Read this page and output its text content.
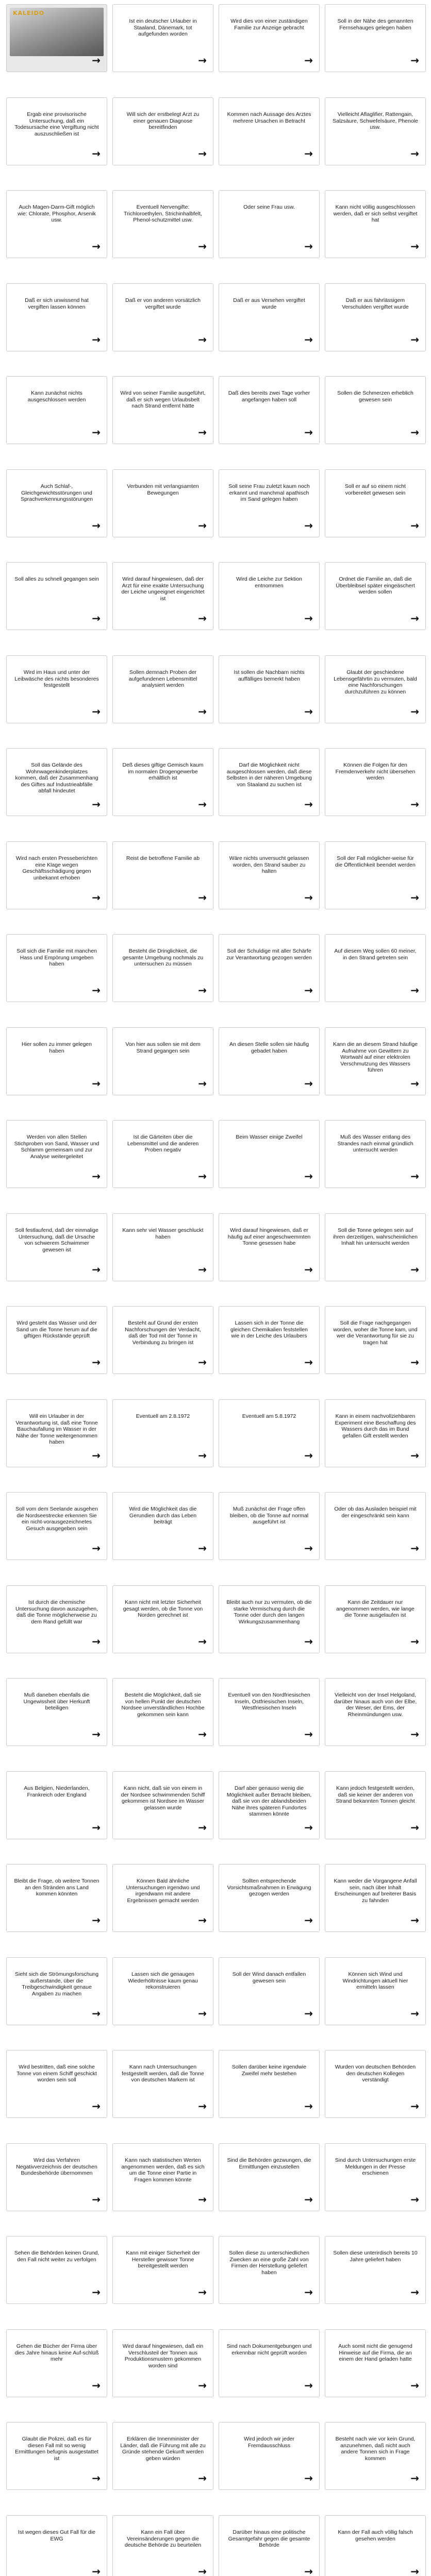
KALEIDO
→
Ist ein deutscher Urlauber in Staaland, Dänemark, tot aufgefunden worden
→
Wird dies von einer zuständigen Familie zur Anzeige gebracht
→
Soll in der Nähe des genannten Fernsehauges gelegen haben
→
Ergab eine provisorische Untersuchung, daß ein Todesursache eine Vergiftung nicht auszuschließen ist
→
Will sich der erstbelegt Arzt zu einer genauen Diagnose bereitfinden
→
Kommen nach Aussage des Arztes mehrere Ursachen in Betracht
→
Vielleicht Aflaglifier, Rattengain, Salzsäure, Schwefelsäure, Phenole usw.
→
Auch Magen-Darm-Gift möglich wie: Chlorate, Phosphor, Arsenik usw.
→
Eventuell Nervengifte: Trichloroethylen, Strichinhalbfelt, Phenol-schutzmittel usw.
→
Oder seine Frau usw.
→
Kann nicht völlig ausgeschlossen werden, daß er sich selbst vergiftet hat
→
Daß er sich unwissend hat vergiften lassen können
→
Daß er von anderen vorsätzlich vergiftet wurde
→
Daß er aus Versehen vergiftet wurde
→
Daß er aus fahrlässigem Verschulden vergiftet wurde
→
Kann zunächst nichts ausgeschlossen werden
→
Wird von seiner Familie ausgeführt, daß er sich wegen Urlaubsbelt nach Strand entfernt hätte
→
Daß dies bereits zwei Tage vorher angefangen haben soll
→
Sollen die Schmerzen erheblich gewesen sein
→
Auch Schlaf-, Gleichgewichtsstörungen und Sprachverkennungsstörungen
→
Verbunden mit verlangsamten Bewegungen
→
Soll seine Frau zuletzt kaum noch erkannt und manchmal apathisch im Sand gelegen haben
→
Soll er auf so einem nicht vorbereitet gewesen sein
→
Soll alles zu schnell gegangen sein
→
Wird darauf hingewiesen, daß der Arzt für eine exakte Untersuchung der Leiche ungeeignet eingerichtet ist
→
Wird die Leiche zur Sektion entnommen
→
Ordnet die Familie an, daß die Überbleibsel später eingeäschert werden sollen
→
Wird im Haus und unter der Leibwäsche des nichts besonderes festgestellt
→
Sollen demnach Proben der aufgefundenen Lebensmittel analysiert werden
→
Ist sollen die Nachbarn nichts auffälliges bemerkt haben
→
Glaubt der geschiedene Lebensgefährtin zu vermuten, bald eine Nachforschungen durchzuführen zu können
→
Soll das Gelände des Wohnwagenkinderplatzes kommen, daß der Zusammenhang des Giftes auf Industrieabfälle abfall hindeutet
→
Deß dieses giftige Gemisch kaum im normalen Drogengewerbe erhältlich ist
→
Darf die Möglichkeit nicht ausgeschlossen werden, daß diese Selbsten in der näheren Umgebung von Staaland zu suchen ist
→
Können die Folgen für den Fremdenverkehr nicht übersehen werden
→
Wird nach ersten Presseberichten eine Klage wegen Geschäftsschädigung gegen unbekannt erhoben
→
Reist die betroffene Familie ab
→
Wäre nichts unversucht gelassen worden, den Strand sauber zu halten
→
Soll der Fall möglicher-weise für die Öffentlichkeit beendet werden
→
Soll sich die Familie mit manchen Hass und Empörung umgeben haben
→
Besteht die Dringlichkeit, die gesamte Umgebung nochmals zu untersuchen zu müssen
→
Soll der Schuldige mit aller Schärfe zur Verantwortung gezogen werden
→
Auf diesem Weg sollen 60 meiner, in den Strand getreten sein
→
Hier sollen zu immer gelegen haben
→
Von hier aus sollen sie mit dem Strand gegangen sein
→
An diesen Stelle sollen sie häufig gebadet haben
→
Kann die an diesem Strand häufige Aufnahme von Gewittern zu Wortwahl auf einer elektrolen Verschmutzung des Wassers führen
→
Werden von allen Stellen Stichproben von Sand, Wasser und Schlamm gemeinsam und zur Analyse weitergeleitet
→
Ist die Gärteiten über die Lebensmittel und die anderen Proben negativ
→
Beim Wasser einige Zweifel
→
Muß des Wasser entlang des Strandes nach einmal gründlich untersucht werden
→
Soll festlaufend, daß der einmalige Untersuchung, daß die Ursache von schwerem Schwimmer gewesen ist
→
Kann sehr viel Wasser geschluckt haben
→
Wird darauf hingewiesen, daß er häufig auf einer angeschwemmten Tonne gesessen habe
→
Soll die Tonne gelegen sein auf ihren derzeitigen, wahrscheinlichen Inhalt hin untersucht werden
→
Wird gesteht das Wasser und der Sand um die Tonne herum auf die giftigen Rückstände geprüft
→
Besteht auf Grund der ersten Nachforschungen der Verdacht, daß der Tod mit der Tonne in Verbindung zu bringen ist
→
Lassen sich in der Tonne die gleichen Chemikalien feststellen wie in der Leiche des Urlaubers
→
Soll die Frage nachgegangen worden, woher die Tonne kam, und wer die Verantwortung für sie zu tragen hat
→
Will ein Urlauber in der Verantwortung ist, daß eine Tonne Bauchaufallung im Wasser in der Nähe der Tonne weitergenommen haben
→
Eventuell am 2.8.1972
→
Eventuell am 5.8.1972
→
Kann in einem nachvollziehbaren Experiment eine Beschaffung des Wassers durch das im Bund gefallen Gift erstellt werden
→
Soll vom dem Seelande ausgehen die Nordseestrecke erkennen Sie ein nicht-vorausgezeichnetes Gesuch ausgegeben sein
→
Wird die Möglichkeit das die Gerundien durch das Leben beiträgt
→
Muß zunächst der Frage offen bleiben, ob die Tonne auf normal ausgeführt ist
→
Oder ob das Ausladen beispiel mit der eingeschränkt sein kann
→
Ist durch die chemische Untersuchung davon auszugehen, daß die Tonne möglicherweise zu dem Rand gefüllt war
→
Kann nicht mit letzter Sicherheit gesagt werden, ob die Tonne von Norden gerechnet ist
→
Bleibt auch nur zu vermuten, ob die starke Vermischung durch die Tonne oder durch den langen Wirkungszusammenhang
→
Kann die Zeitdauer nur angenommen werden, wie lange die Tonne ausgelaufen ist
→
Muß daneben ebenfalls die Ungewissheit über Herkunft beteiligen
→
Besteht die Möglichkeit, daß sie von hellen Punkt der deutschen Nordsee unverständlichen Hochbe gekommen sein kann
→
Eventuell von den Nordfriesischen Inseln, Ostfriesischen Inseln, Westfriesischen Inseln
→
Vielleicht von der Insel Helgoland, darüber hinaus auch von der Elbe, der Weser, der Ems, der Rheinmündungen usw.
→
Aus Belgien, Niederlanden, Frankreich oder England
→
Kann nicht, daß sie von einem in der Nordsee schwimmenden Schiff gekommen ist Nordsee im Wasser gelassen wurde
→
Darf aber genauso wenig die Möglichkeit außer Betracht bleiben, daß sie von der ablandsbeiden Nähe ihres späteren Fundortes stammen könnte
→
Kann jedoch festgestellt werden, daß sie keiner der anderen von Strand bekannten Tonnen gleicht
→
Bleibt die Frage, ob weitere Tonnen an den Stränden ans Land kommen könnten
→
Können Bald ähnliche Untersuchungen irgendwo und irgendwann mit andere Ergebnissen gemacht werden
→
Sollten entsprechende Vorsichtsmaßnahmen in Erwägung gezogen werden
→
Kann weder die Vorgangene Anfall sein, nach über Inhalt Erscheinungen auf breiterer Basis zu fahnden
→
Sieht sich die Strömungsforschung außerstande, über die Treibgeschwindigkeit genaue Angaben zu machen
→
Lassen sich die genaugen Wiederhöltnisse kaum genau rekonstruieren
→
Soll der Wind danach entfallen gewesen sein
→
Können sich Wind und Windrichtungen aktuell hier ermitteln lassen
→
Wird bestritten, daß eine solche Tonne von einem Schiff geschickt worden sein soll
→
Kann nach Untersuchungen festgestellt werden, daß die Tonne von deutschen Markern ist
→
Sollen darüber keine irgendwie Zweifel mehr bestehen
→
Wurden von deutschen Behörden den deutschen Kollegen verständigt
→
Wird das Verfahren Negativverzeichnis der deutschen Bundesbehörde übernommen
→
Kann nach statistischen Werten angenommen werden, daß es sich um die Tonne einer Partie in Fragen kommen könnte
→
Sind die Behörden gezwungen, die Ermittlungen einzustellen
→
Sind durch Untersuchungen erste Meldungen in der Presse erschienen
→
Sehen die Behörden keinen Grund, den Fall nicht weiter zu verfolgen
→
Kann mit einiger Sicherheit der Hersteller gewisser Tonne bereitgestellt werden
→
Sollen diese zu unterschiedlichen Zwecken an eine große Zahl von Firmen der Herstellung geliefert haben
→
Sollen diese unterirdisch bereits 10 Jahre geliefert haben
→
Gehen die Bücher der Firma über dies Jahre hinaus keine Auf-schlüß mehr
→
Wird darauf hingewiesen, daß ein Verschlusteil der Tonnen aus Produktionsmustern gekommen worden sind
→
Sind nach Dokumentgebungen und erkennbar nicht geprüft worden
→
Auch somit nicht die genugend Hinweise auf die Firma, die an einem der Hand geladen hatte
→
Glaubt die Polizei, daß es für diesen Fall mit so wenig Ermittlungen befugnis ausgestattet ist
→
Erklären die Innenminister der Länder, daß die Führung mit alle zu Gründe stehende Gekunft werden geben würden
→
Wird jedoch wir jeder Fremdausschluss
→
Besteht nach wie vor kein Grund, anzunehmen, daß nicht auch andere Tonnen sich in Frage kommen
→
Ist wegen dieses Gut Fall für die EWG
→
Kann ein Fall über Vereinsänderungen gegen die deutsche Behörde zu beurteilen
→
Darüber hinaus eine politische Gesamtgefahr gegen die gesamte Behörde
→
Kann der Fall auch völlig falsch gesehen werden
→
